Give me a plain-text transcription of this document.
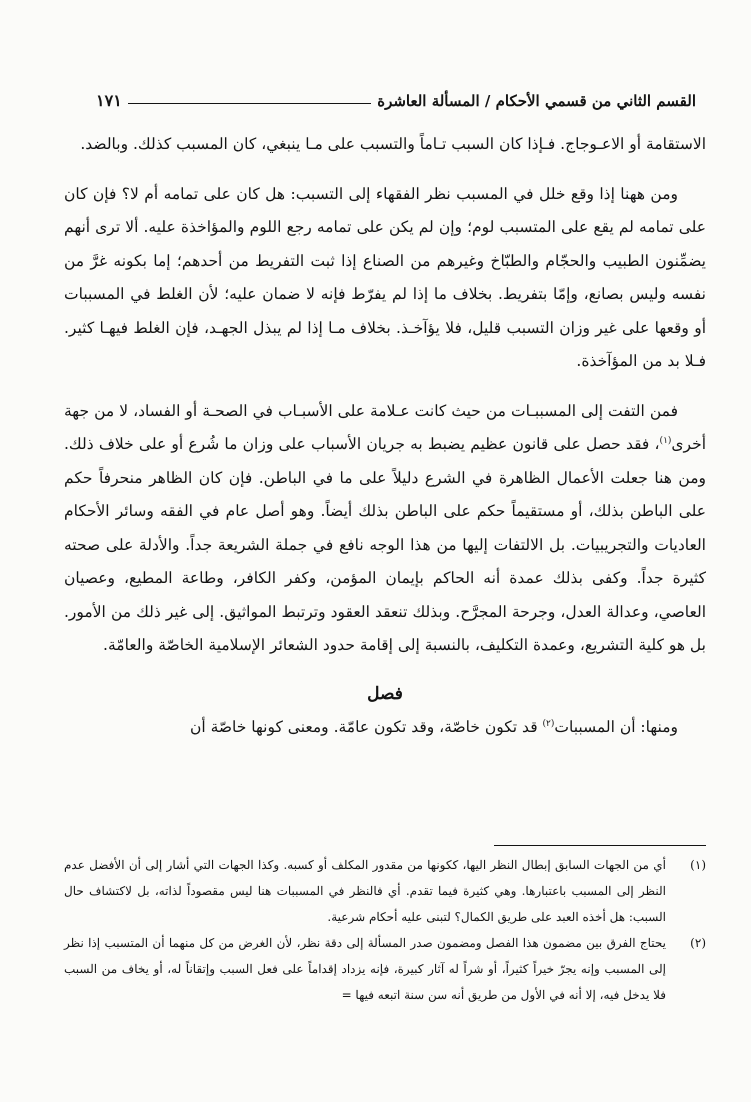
القسم الثاني من قسمي الأحكام / المسألة العاشرة
١٧١

الاستقامة أو الاعـوجاج. فـإذا كان السبب تـاماً والتسبب على مـا ينبغي، كان المسبب كذلك. وبالضد.

ومن ههنا إذا وقع خلل في المسبب نظر الفقهاء إلى التسبب: هل كان على تمامه أم لا؟ فإن كان على تمامه لم يقع على المتسبب لوم؛ وإن لم يكن على تمامه رجع اللوم والمؤاخذة عليه. ألا ترى أنهم يضمِّنون الطبيب والحجّام والطبّاخ وغيرهم من الصناع إذا ثبت التفريط من أحدهم؛ إما بكونه غرَّ من نفسه وليس بصانع، وإمّا بتفريط. بخلاف ما إذا لم يفرّط فإنه لا ضمان عليه؛ لأن الغلط في المسببات أو وقعها على غير وزان التسبب قليل، فلا يؤآخـذ. بخلاف مـا إذا لم يبذل الجهـد، فإن الغلط فيهـا كثير. فـلا بد من المؤآخذة.

فمن التفت إلى المسببـات من حيث كانت عـلامة على الأسبـاب في الصحـة أو الفساد، لا من جهة أخرى$^{(١)}$، فقد حصل على قانون عظيم يضبط به جريان الأسباب على وزان ما شُرع أو على خلاف ذلك. ومن هنا جعلت الأعمال الظاهرة في الشرع دليلاً على ما في الباطن. فإن كان الظاهر منحرفاً حكم على الباطن بذلك، أو مستقيماً حكم على الباطن بذلك أيضاً. وهو أصل عام في الفقه وسائر الأحكام العاديات والتجريبيات. بل الالتفات إليها من هذا الوجه نافع في جملة الشريعة جداً. والأدلة على صحته كثيرة جداً. وكفى بذلك عمدة أنه الحاكم بإيمان المؤمن، وكفر الكافر، وطاعة المطيع، وعصيان العاصي، وعدالة العدل، وجرحة المجرَّح. وبذلك تنعقد العقود وترتبط المواثيق. إلى غير ذلك من الأمور. بل هو كلية التشريع، وعمدة التكليف، بالنسبة إلى إقامة حدود الشعائر الإسلامية الخاصّة والعامّة.

فصل

ومنها: أن المسببات$^{(٢)}$ قد تكون خاصّة، وقد تكون عامّة. ومعنى كونها خاصّة أن

(١)
أي من الجهات السابق إبطال النظر اليها، ككونها من مقدور المكلف أو كسبه. وكذا الجهات التي أشار إلى أن الأفضل عدم النظر إلى المسبب باعتبارها. وهي كثيرة فيما تقدم. أي فالنظر في المسببات هنا ليس مقصوداً لذاته، بل لاكتشاف حال السبب: هل أخذه العبد على طريق الكمال؟ لتبنى عليه أحكام شرعية.

(٢)
يحتاج الفرق بين مضمون هذا الفصل ومضمون صدر المسألة إلى دقة نظر، لأن الغرض من كل منهما أن المتسبب إذا نظر إلى المسبب وإنه يجرّ خيراً كثيراً، أو شراً له آثار كبيرة، فإنه يزداد إقداماً على فعل السبب وإتقاناً له، أو يخاف من السبب فلا يدخل فيه، إلا أنه في الأول من طريق أنه سن سنة اتبعه فيها =
